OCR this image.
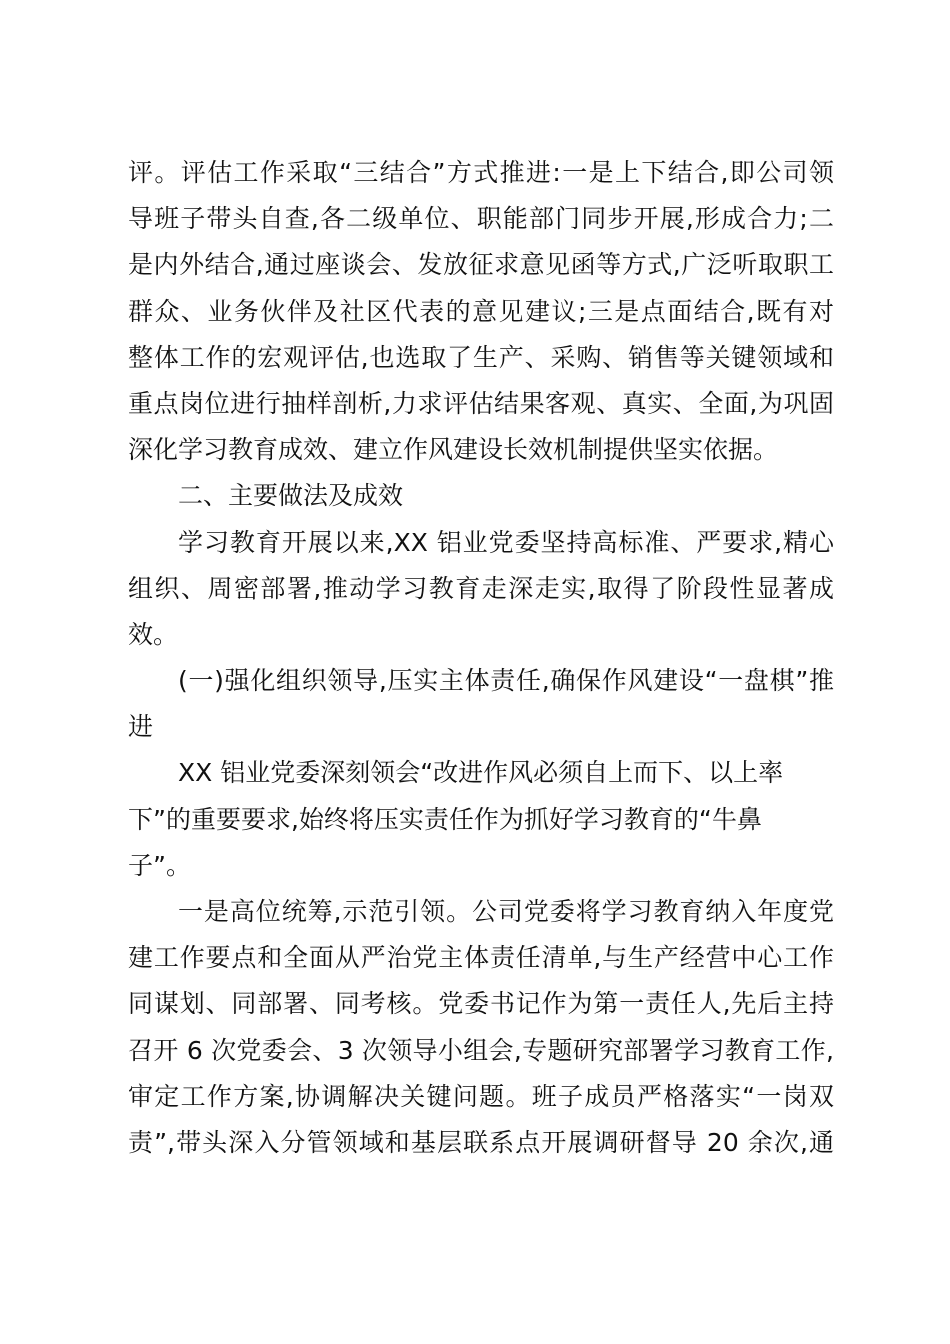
评。评估工作采取“三结合”方式推进:一是上下结合,即公司领
导班子带头自查,各二级单位、职能部门同步开展,形成合力;二
是内外结合,通过座谈会、发放征求意见函等方式,广泛听取职工
群众、业务伙伴及社区代表的意见建议;三是点面结合,既有对
整体工作的宏观评估,也选取了生产、采购、销售等关键领域和
重点岗位进行抽样剖析,力求评估结果客观、真实、全面,为巩固
深化学习教育成效、建立作风建设长效机制提供坚实依据。
二、主要做法及成效
学习教育开展以来,XX 铝业党委坚持高标准、严要求,精心
组织、周密部署,推动学习教育走深走实,取得了阶段性显著成
效。
(一)强化组织领导,压实主体责任,确保作风建设“一盘棋”推
进
XX 铝业党委深刻领会“改进作风必须自上而下、以上率
下”的重要要求,始终将压实责任作为抓好学习教育的“牛鼻
子”。
一是高位统筹,示范引领。公司党委将学习教育纳入年度党
建工作要点和全面从严治党主体责任清单,与生产经营中心工作
同谋划、同部署、同考核。党委书记作为第一责任人,先后主持
召开 6 次党委会、3 次领导小组会,专题研究部署学习教育工作,
审定工作方案,协调解决关键问题。班子成员严格落实“一岗双
责”,带头深入分管领域和基层联系点开展调研督导 20 余次,通
